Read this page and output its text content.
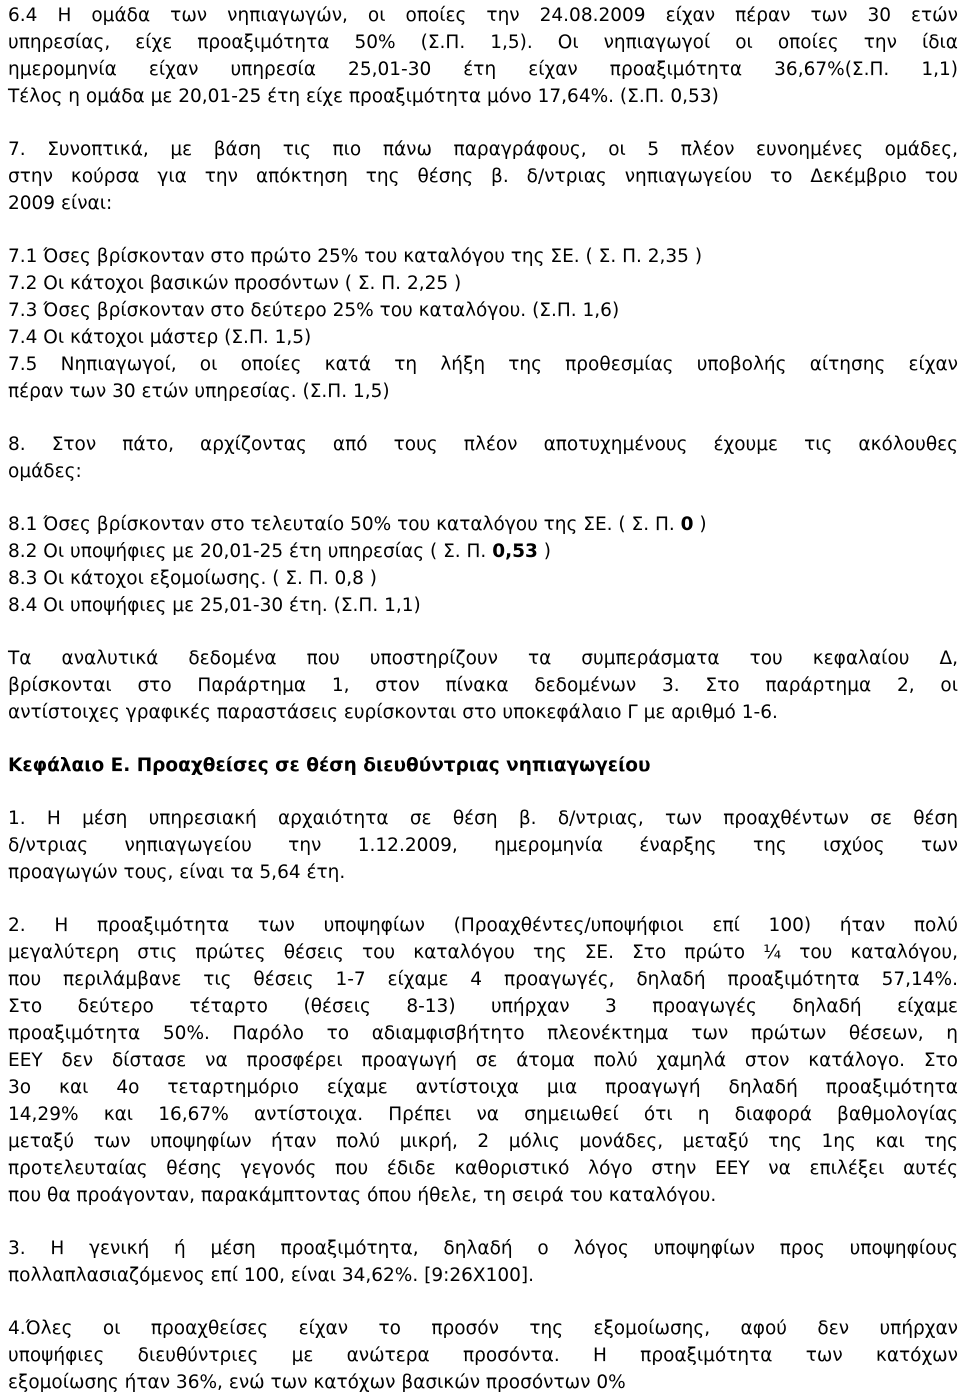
6.4 Η ομάδα των νηπιαγωγών, οι οποίες την 24.08.2009 είχαν πέραν των 30 ετών
υπηρεσίας, είχε προαξιμότητα 50% (Σ.Π. 1,5). Οι νηπιαγωγοί οι οποίες την ίδια
ημερομηνία είχαν υπηρεσία 25,01-30 έτη είχαν προαξιμότητα 36,67%(Σ.Π. 1,1)
Τέλος η ομάδα με 20,01-25 έτη είχε προαξιμότητα μόνο 17,64%. (Σ.Π. 0,53)
7. Συνοπτικά, με βάση τις πιο πάνω παραγράφους, οι 5 πλέον ευνοημένες ομάδες,
στην κούρσα για την απόκτηση της θέσης β. δ/ντριας νηπιαγωγείου το Δεκέμβριο του
2009 είναι:
7.1 Όσες βρίσκονταν στο πρώτο 25% του καταλόγου της ΣΕ. ( Σ. Π. 2,35 )
7.2 Οι κάτοχοι βασικών προσόντων ( Σ. Π. 2,25 )
7.3 Όσες βρίσκονταν στο δεύτερο 25% του καταλόγου. (Σ.Π. 1,6)
7.4 Οι κάτοχοι μάστερ (Σ.Π. 1,5)
7.5 Νηπιαγωγοί, οι οποίες κατά τη λήξη της προθεσμίας υποβολής αίτησης είχαν
πέραν των 30 ετών υπηρεσίας. (Σ.Π. 1,5)
8. Στον πάτο, αρχίζοντας από τους πλέον αποτυχημένους έχουμε τις ακόλουθες
ομάδες:
8.1 Όσες βρίσκονταν στο τελευταίο 50% του καταλόγου της ΣΕ. ( Σ. Π. 0 )
8.2 Οι υποψήφιες με 20,01-25 έτη υπηρεσίας ( Σ. Π. 0,53 )
8.3 Οι κάτοχοι εξομοίωσης. ( Σ. Π. 0,8 )
8.4 Οι υποψήφιες με 25,01-30 έτη. (Σ.Π. 1,1)
Τα αναλυτικά δεδομένα που υποστηρίζουν τα συμπεράσματα του κεφαλαίου Δ,
βρίσκονται στο Παράρτημα 1, στον πίνακα δεδομένων 3. Στο παράρτημα 2, οι
αντίστοιχες γραφικές παραστάσεις ευρίσκονται στο υποκεφάλαιο Γ με αριθμό 1-6.
Κεφάλαιο Ε. Προαχθείσες σε θέση διευθύντριας νηπιαγωγείου
1. Η μέση υπηρεσιακή αρχαιότητα σε θέση β. δ/ντριας, των προαχθέντων σε θέση
δ/ντριας νηπιαγωγείου την 1.12.2009, ημερομηνία έναρξης της ισχύος των
προαγωγών τους, είναι τα 5,64 έτη.
2. Η προαξιμότητα των υποψηφίων (Προαχθέντες/υποψήφιοι επί 100) ήταν πολύ
μεγαλύτερη στις πρώτες θέσεις του καταλόγου της ΣΕ. Στο πρώτο ¼ του καταλόγου,
που περιλάμβανε τις θέσεις 1-7 είχαμε 4 προαγωγές, δηλαδή προαξιμότητα 57,14%.
Στο δεύτερο τέταρτο (θέσεις 8-13) υπήρχαν 3 προαγωγές δηλαδή είχαμε
προαξιμότητα 50%. Παρόλο το αδιαμφισβήτητο πλεονέκτημα των πρώτων θέσεων, η
ΕΕΥ δεν δίστασε να προσφέρει προαγωγή σε άτομα πολύ χαμηλά στον κατάλογο. Στο
3ο και 4ο τεταρτημόριο είχαμε αντίστοιχα μια προαγωγή δηλαδή προαξιμότητα
14,29% και 16,67% αντίστοιχα. Πρέπει να σημειωθεί ότι η διαφορά βαθμολογίας
μεταξύ των υποψηφίων ήταν πολύ μικρή, 2 μόλις μονάδες, μεταξύ της 1ης και της
προτελευταίας θέσης γεγονός που έδιδε καθοριστικό λόγο στην ΕΕΥ να επιλέξει αυτές
που θα προάγονταν, παρακάμπτοντας όπου ήθελε, τη σειρά του καταλόγου.
3. Η γενική ή μέση προαξιμότητα, δηλαδή ο λόγος υποψηφίων προς υποψηφίους
πολλαπλασιαζόμενος επί 100, είναι 34,62%. [9:26Χ100].
4.Όλες οι προαχθείσες είχαν το προσόν της εξομοίωσης, αφού δεν υπήρχαν
υποψήφιες διευθύντριες με ανώτερα προσόντα. Η προαξιμότητα των κατόχων
εξομοίωσης ήταν 36%, ενώ των κατόχων βασικών προσόντων 0%
